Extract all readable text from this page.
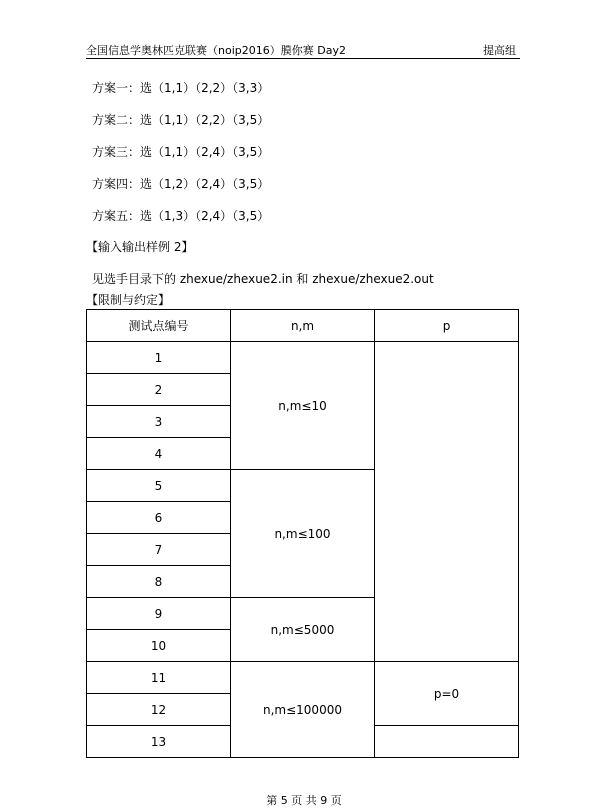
全国信息学奥林匹克联赛（noip2016）膜你赛 Day2	提高组
方案一：选（1,1）（2,2）（3,3）
方案二：选（1,1）（2,2）（3,5）
方案三：选（1,1）（2,4）（3,5）
方案四：选（1,2）（2,4）（3,5）
方案五：选（1,3）（2,4）（3,5）
【输入输出样例 2】
见选手目录下的 zhexue/zhexue2.in 和 zhexue/zhexue2.out
【限制与约定】
测试点编号	n,m	p
1	n,m≤10	
2		
3		
4		
5	n,m≤100	
6		
7		
8		
9	n,m≤5000	
10		
11	n,m≤100000	p=0
12		
13		
第 5 页 共 9 页
